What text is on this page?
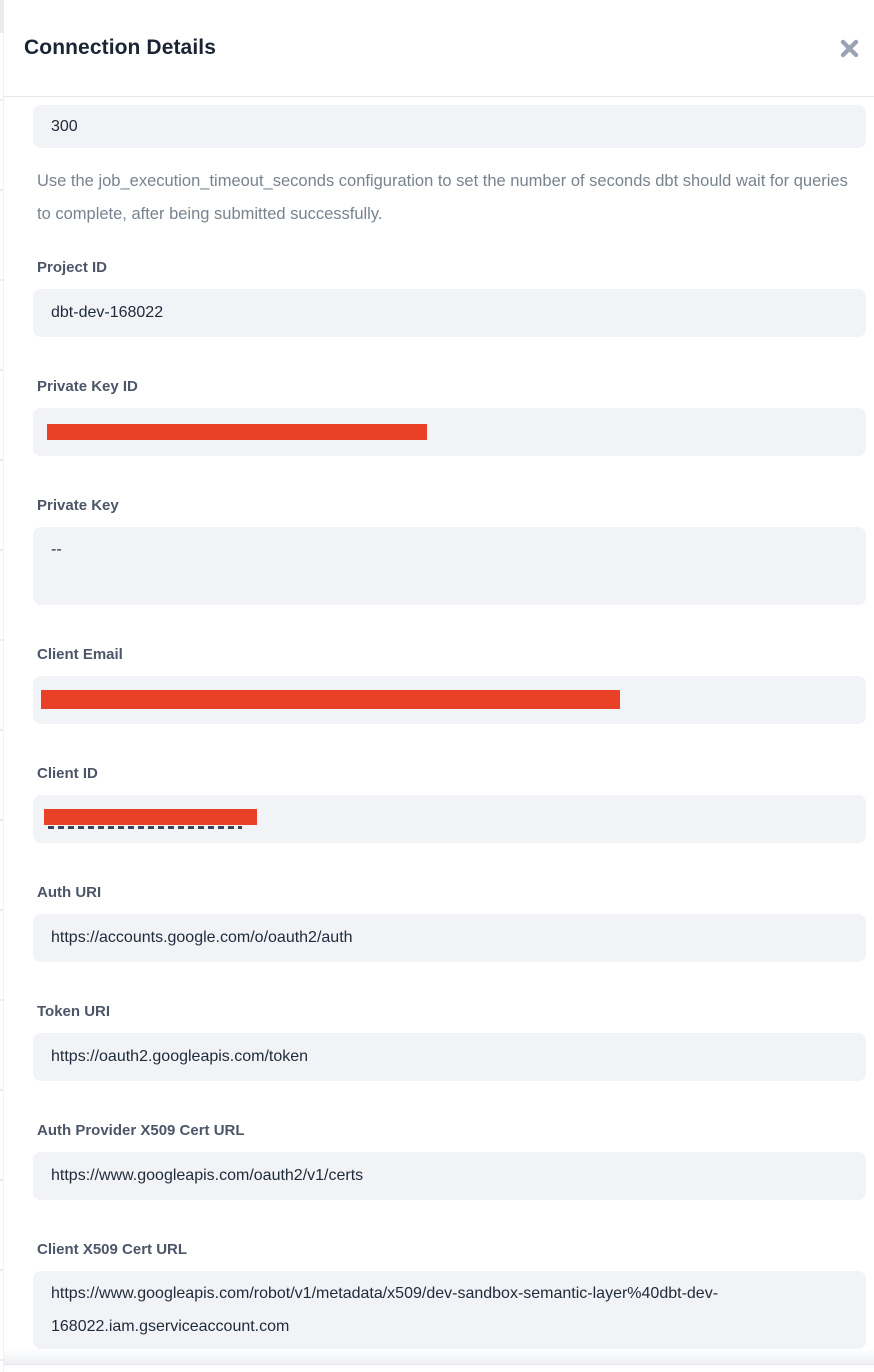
Connection Details
300

Use the job_execution_timeout_seconds configuration to set the number of seconds dbt should wait for queries to complete, after being submitted successfully.

Project ID
dbt-dev-168022
Private Key ID
Private Key
--
Client Email
Client ID
Auth URI
https://accounts.google.com/o/oauth2/auth
Token URI
https://oauth2.googleapis.com/token
Auth Provider X509 Cert URL
https://www.googleapis.com/oauth2/v1/certs
Client X509 Cert URL
https://www.googleapis.com/robot/v1/metadata/x509/dev-sandbox-semantic-layer%40dbt-dev-
168022.iam.gserviceaccount.com
